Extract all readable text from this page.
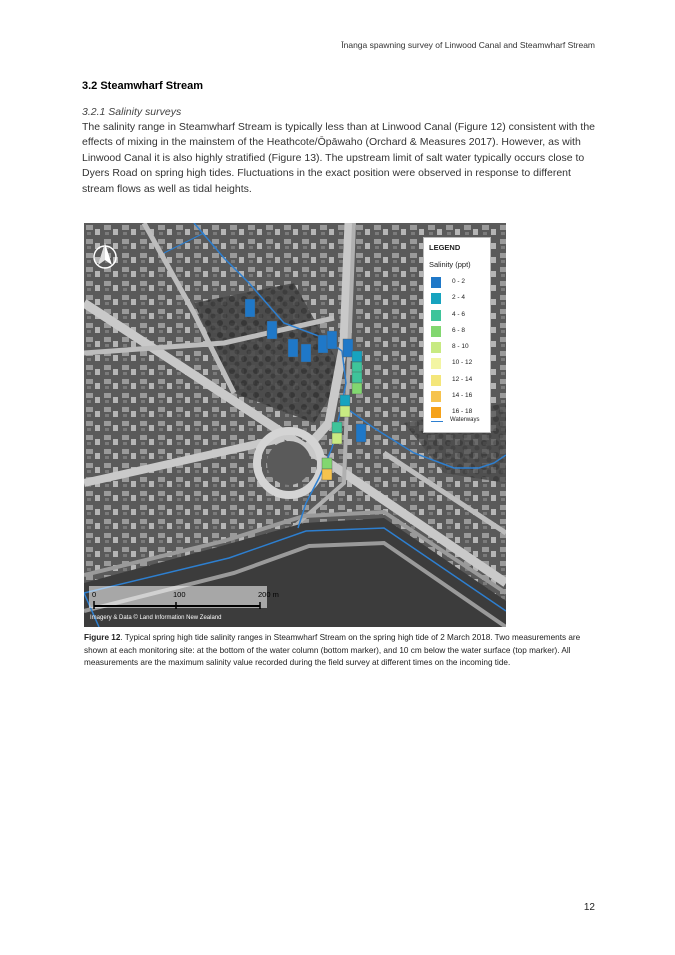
Īnanga spawning survey of Linwood Canal and Steamwharf Stream
3.2 Steamwharf Stream
3.2.1 Salinity surveys

The salinity range in Steamwharf Stream is typically less than at Linwood Canal (Figure 12) consistent with the effects of mixing in the mainstem of the Heathcote/Ōpāwaho (Orchard & Measures 2017). However, as with Linwood Canal it is also highly stratified (Figure 13). The upstream limit of salt water typically occurs close to Dyers Road on spring high tides. Fluctuations in the exact position were observed in response to different stream flows as well as tidal heights.

LEGEND
Salinity (ppt)
0 - 2
2 - 4
4 - 6
6 - 8
8 - 10
10 - 12
12 - 14
14 - 16
16 - 18
Waterways
0	100	200 m
Imagery & Data © Land Information New Zealand

Figure 12. Typical spring high tide salinity ranges in Steamwharf Stream on the spring high tide of 2 March 2018. Two measurements are shown at each monitoring site: at the bottom of the water column (bottom marker), and 10 cm below the water surface (top marker). All measurements are the maximum salinity value recorded during the field survey at different times on the incoming tide.

12
